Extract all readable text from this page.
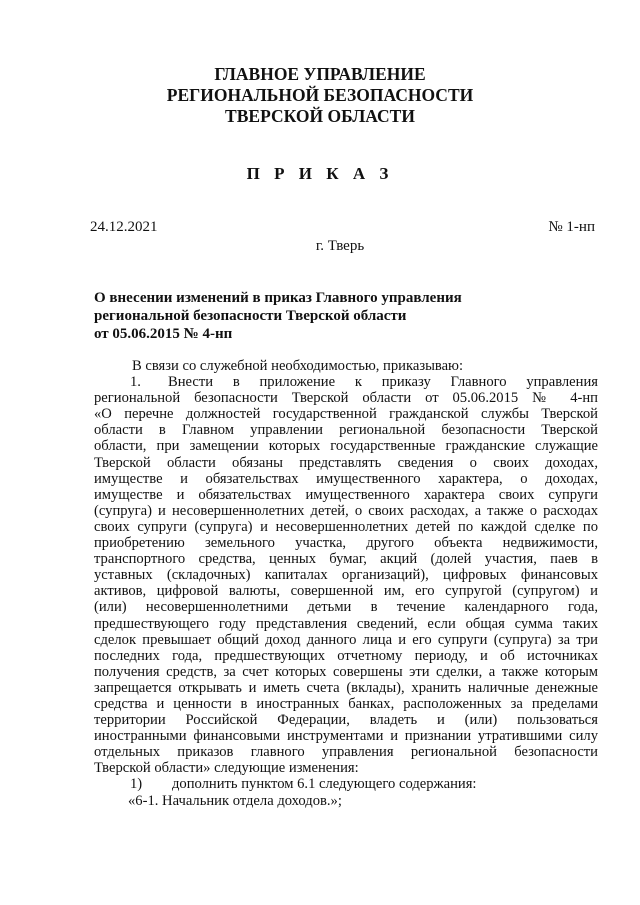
ГЛАВНОЕ УПРАВЛЕНИЕ
РЕГИОНАЛЬНОЙ БЕЗОПАСНОСТИ
ТВЕРСКОЙ ОБЛАСТИ
П Р И К А З
24.12.2021	№ 1-нп
г. Тверь
О внесении изменений в приказ Главного управления
региональной безопасности Тверской области
от 05.06.2015 № 4-нп
В связи со служебной необходимостью, приказываю:
1.	Внести в приложение к приказу Главного управления
региональной безопасности Тверской области от 05.06.2015 № 4-нп
«О перечне должностей государственной гражданской службы Тверской
области в Главном управлении региональной безопасности Тверской
области, при замещении которых государственные гражданские служащие
Тверской области обязаны представлять сведения о своих доходах,
имуществе и обязательствах имущественного характера, о доходах,
имуществе и обязательствах имущественного характера своих супруги
(супруга) и несовершеннолетних детей, о своих расходах, а также о расходах
своих супруги (супруга) и несовершеннолетних детей по каждой сделке по
приобретению земельного участка, другого объекта недвижимости,
транспортного средства, ценных бумаг, акций (долей участия, паев в
уставных (складочных) капиталах организаций), цифровых финансовых
активов, цифровой валюты, совершенной им, его супругой (супругом) и
(или) несовершеннолетними детьми в течение календарного года,
предшествующего году представления сведений, если общая сумма таких
сделок превышает общий доход данного лица и его супруги (супруга) за три
последних года, предшествующих отчетному периоду, и об источниках
получения средств, за счет которых совершены эти сделки, а также которым
запрещается открывать и иметь счета (вклады), хранить наличные денежные
средства и ценности в иностранных банках, расположенных за пределами
территории Российской Федерации, владеть и (или) пользоваться
иностранными финансовыми инструментами и признании утратившими силу
отдельных приказов главного управления региональной безопасности
Тверской области» следующие изменения:
1)	дополнить пунктом 6.1 следующего содержания:
«6-1. Начальник отдела доходов.»;
